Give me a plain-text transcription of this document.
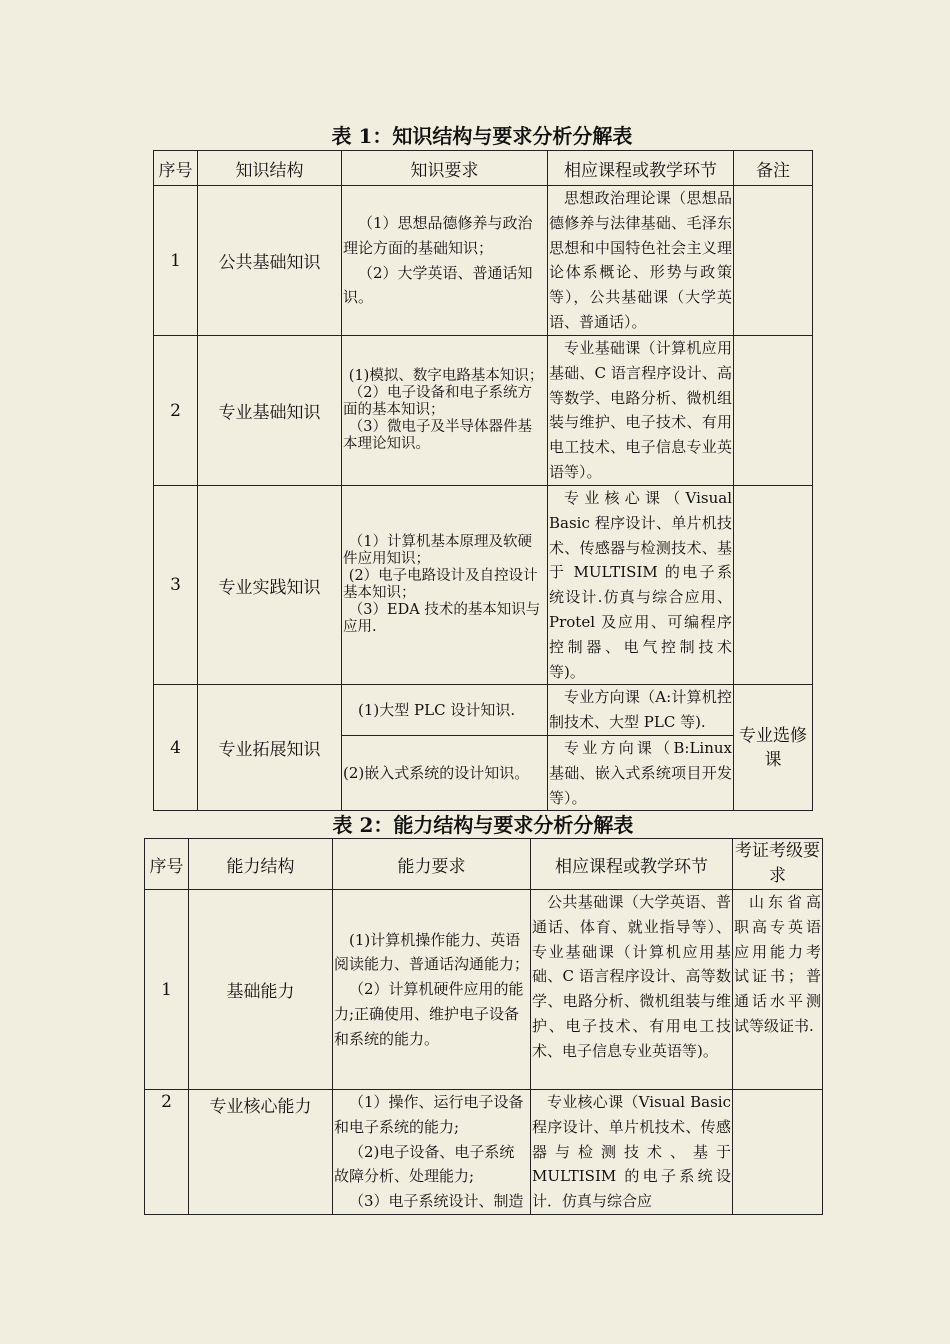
表 1：知识结构与要求分析分解表
序号	知识结构	知识要求	相应课程或教学环节	备注
1	公共基础知识	（1）思想品德修养与政治理论方面的基础知识；

（2）大学英语、普通话知识。	思想政治理论课（思想品德修养与法律基础、毛泽东思想和中国特色社会主义理论体系概论、形势与政策等），公共基础课（大学英语、普通话）。	

2	专业基础知识	(1)模拟、数字电路基本知识；

（2）电子设备和电子系统方面的基本知识；

（3）微电子及半导体器件基本理论知识。	专业基础课（计算机应用基础、C 语言程序设计、高等数学、电路分析、微机组装与维护、电子技术、有用电工技术、电子信息专业英语等）。	

3	专业实践知识	（1）计算机基本原理及软硬件应用知识；

(2）电子电路设计及自控设计基本知识；

（3）EDA 技术的基本知识与应用.	专业核心课（Visual Basic 程序设计、单片机技术、传感器与检测技术、基于 MULTISIM 的电子系统设计.仿真与综合应用、Protel 及应用、可编程序控制器、电气控制技术等)。	

4	专业拓展知识	(1)大型 PLC 设计知识.	专业方向课（A:计算机控制技术、大型 PLC 等).	专业选修课

		(2)嵌入式系统的设计知识。	专业方向课（B:Linux 基础、嵌入式系统项目开发等）。	

表 2：能力结构与要求分析分解表
序号	能力结构	能力要求	相应课程或教学环节	考证考级要求
1	基础能力	(1)计算机操作能力、英语阅读能力、普通话沟通能力；

（2）计算机硬件应用的能力;正确使用、维护电子设备和系统的能力。	公共基础课（大学英语、普通话、体育、就业指导等）、专业基础课（计算机应用基础、C 语言程序设计、高等数学、电路分析、微机组装与维护、电子技术、有用电工技术、电子信息专业英语等)。	山东省高职高专英语应用能力考试证书；普通话水平测试等级证书.

2	专业核心能力	（1）操作、运行电子设备和电子系统的能力;

（2)电子设备、电子系统故障分析、处理能力;

（3）电子系统设计、制造	专业核心课（Visual Basic 程序设计、单片机技术、传感器与检测技术、基于 MULTISIM 的电子系统设计．仿真与综合应	
